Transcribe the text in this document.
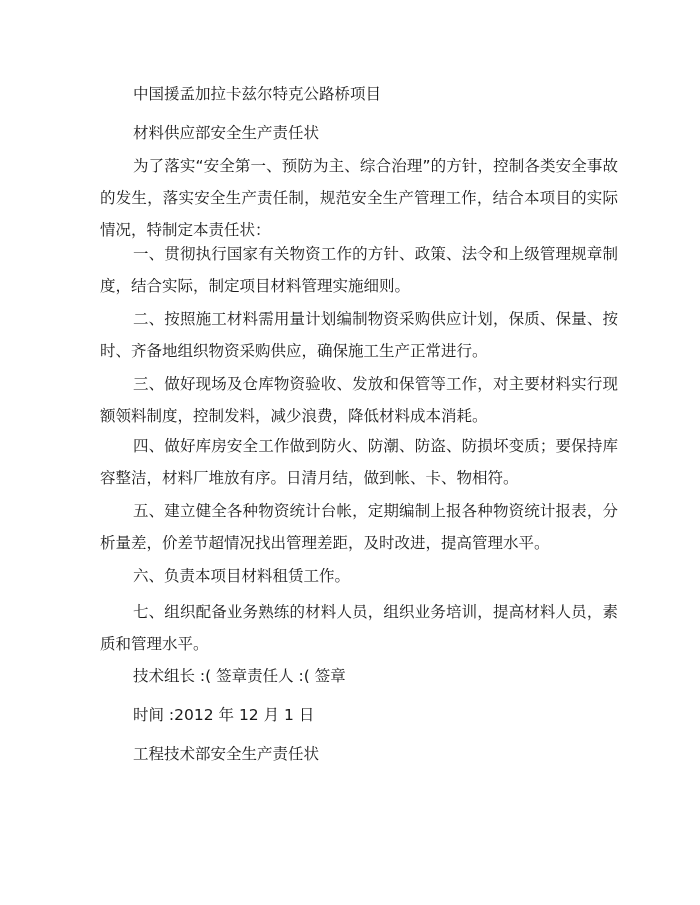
中国援孟加拉卡兹尔特克公路桥项目

材料供应部安全生产责任状

为了落实“安全第一、预防为主、综合治理”的方针，控制各类安全事故的发生，落实安全生产责任制，规范安全生产管理工作，结合本项目的实际情况，特制定本责任状：

一、贯彻执行国家有关物资工作的方针、政策、法令和上级管理规章制度，结合实际，制定项目材料管理实施细则。

二、按照施工材料需用量计划编制物资采购供应计划，保质、保量、按时、齐备地组织物资采购供应，确保施工生产正常进行。

三、做好现场及仓库物资验收、发放和保管等工作，对主要材料实行现额领料制度，控制发料，减少浪费，降低材料成本消耗。

四、做好库房安全工作做到防火、防潮、防盗、防损坏变质；要保持库容整洁，材料厂堆放有序。日清月结，做到帐、卡、物相符。

五、建立健全各种物资统计台帐，定期编制上报各种物资统计报表，分析量差，价差节超情况找出管理差距，及时改进，提高管理水平。

六、负责本项目材料租赁工作。

七、组织配备业务熟练的材料人员，组织业务培训，提高材料人员，素质和管理水平。

技术组长 :( 签章责任人 :( 签章

时间 :2012 年 12 月 1 日

工程技术部安全生产责任状
